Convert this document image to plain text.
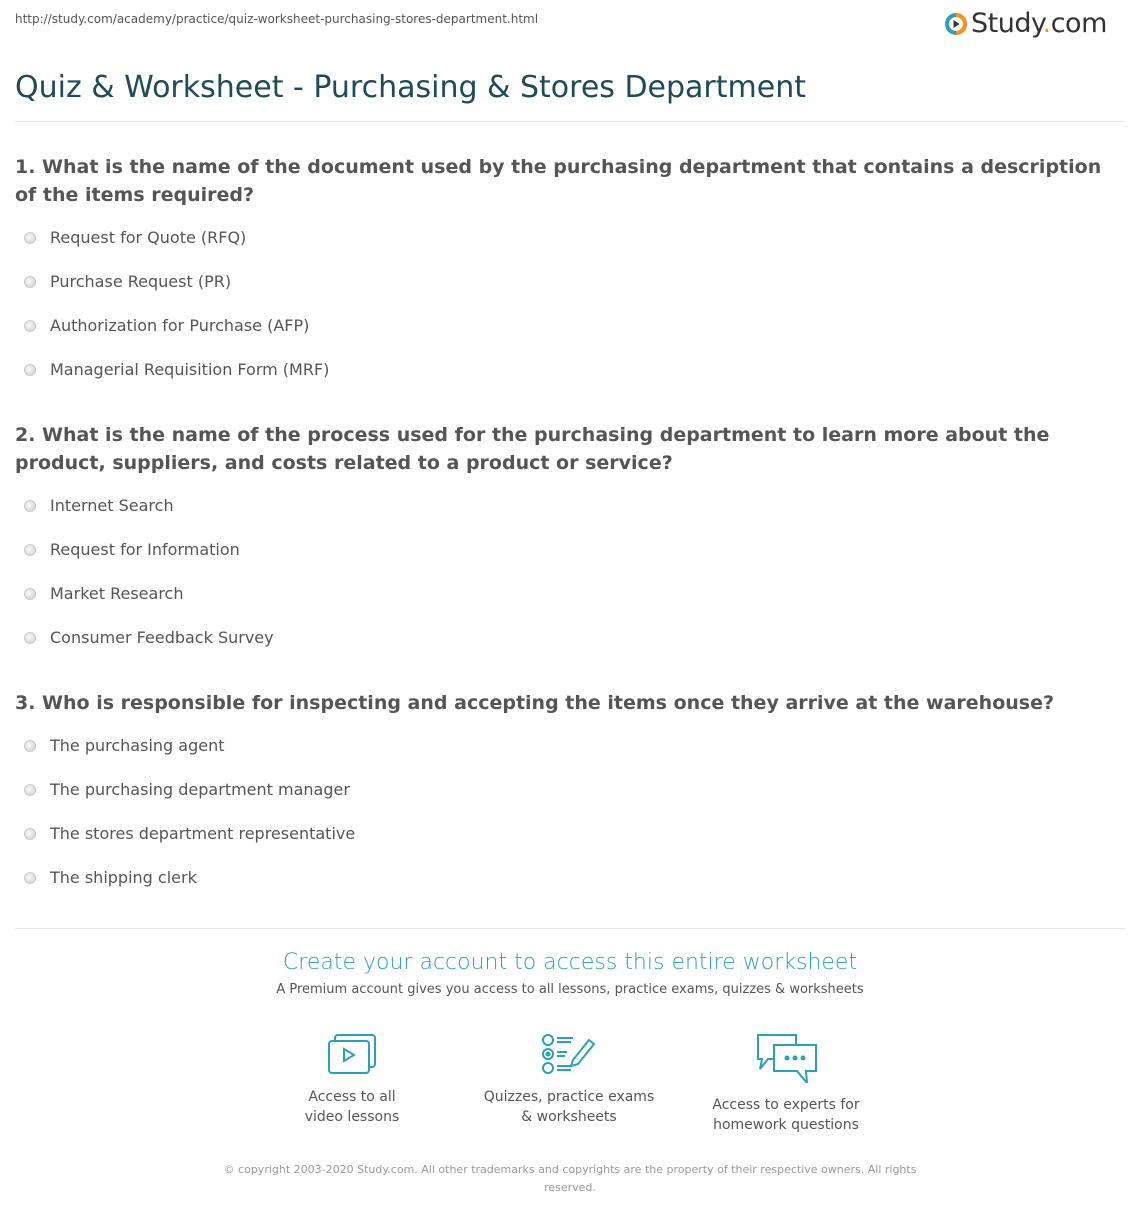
http://study.com/academy/practice/quiz-worksheet-purchasing-stores-department.html	Study.com
Quiz & Worksheet - Purchasing & Stores Department
1. What is the name of the document used by the purchasing department that contains a description of the items required?
Request for Quote (RFQ)
Purchase Request (PR)
Authorization for Purchase (AFP)
Managerial Requisition Form (MRF)
2. What is the name of the process used for the purchasing department to learn more about the product, suppliers, and costs related to a product or service?
Internet Search
Request for Information
Market Research
Consumer Feedback Survey
3. Who is responsible for inspecting and accepting the items once they arrive at the warehouse?
The purchasing agent
The purchasing department manager
The stores department representative
The shipping clerk
Create your account to access this entire worksheet
A Premium account gives you access to all lessons, practice exams, quizzes & worksheets
Access to all
video lessons
Quizzes, practice exams
& worksheets
Access to experts for
homework questions
© copyright 2003-2020 Study.com. All other trademarks and copyrights are the property of their respective owners. All rights reserved.
